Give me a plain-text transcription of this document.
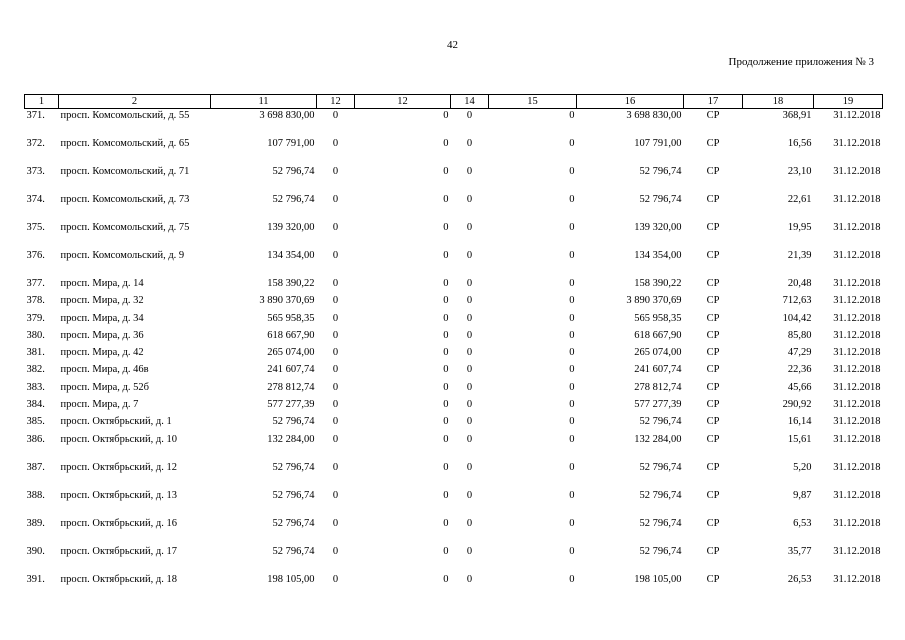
42
Продолжение приложения № 3
1	2	11	12	12	14	15	16	17	18	19
371.	просп. Комсомольский, д. 55	3 698 830,00	0	0	0	0	3 698 830,00	СР	368,91	31.12.2018
372.	просп. Комсомольский, д. 65	107 791,00	0	0	0	0	107 791,00	СР	16,56	31.12.2018
373.	просп. Комсомольский, д. 71	52 796,74	0	0	0	0	52 796,74	СР	23,10	31.12.2018
374.	просп. Комсомольский, д. 73	52 796,74	0	0	0	0	52 796,74	СР	22,61	31.12.2018
375.	просп. Комсомольский, д. 75	139 320,00	0	0	0	0	139 320,00	СР	19,95	31.12.2018
376.	просп. Комсомольский, д. 9	134 354,00	0	0	0	0	134 354,00	СР	21,39	31.12.2018
377.	просп. Мира, д. 14	158 390,22	0	0	0	0	158 390,22	СР	20,48	31.12.2018
378.	просп. Мира, д. 32	3 890 370,69	0	0	0	0	3 890 370,69	СР	712,63	31.12.2018
379.	просп. Мира, д. 34	565 958,35	0	0	0	0	565 958,35	СР	104,42	31.12.2018
380.	просп. Мира, д. 36	618 667,90	0	0	0	0	618 667,90	СР	85,80	31.12.2018
381.	просп. Мира, д. 42	265 074,00	0	0	0	0	265 074,00	СР	47,29	31.12.2018
382.	просп. Мира, д. 46в	241 607,74	0	0	0	0	241 607,74	СР	22,36	31.12.2018
383.	просп. Мира, д. 52б	278 812,74	0	0	0	0	278 812,74	СР	45,66	31.12.2018
384.	просп. Мира, д. 7	577 277,39	0	0	0	0	577 277,39	СР	290,92	31.12.2018
385.	просп. Октябрьский, д. 1	52 796,74	0	0	0	0	52 796,74	СР	16,14	31.12.2018
386.	просп. Октябрьский, д. 10	132 284,00	0	0	0	0	132 284,00	СР	15,61	31.12.2018
387.	просп. Октябрьский, д. 12	52 796,74	0	0	0	0	52 796,74	СР	5,20	31.12.2018
388.	просп. Октябрьский, д. 13	52 796,74	0	0	0	0	52 796,74	СР	9,87	31.12.2018
389.	просп. Октябрьский, д. 16	52 796,74	0	0	0	0	52 796,74	СР	6,53	31.12.2018
390.	просп. Октябрьский, д. 17	52 796,74	0	0	0	0	52 796,74	СР	35,77	31.12.2018
391.	просп. Октябрьский, д. 18	198 105,00	0	0	0	0	198 105,00	СР	26,53	31.12.2018
